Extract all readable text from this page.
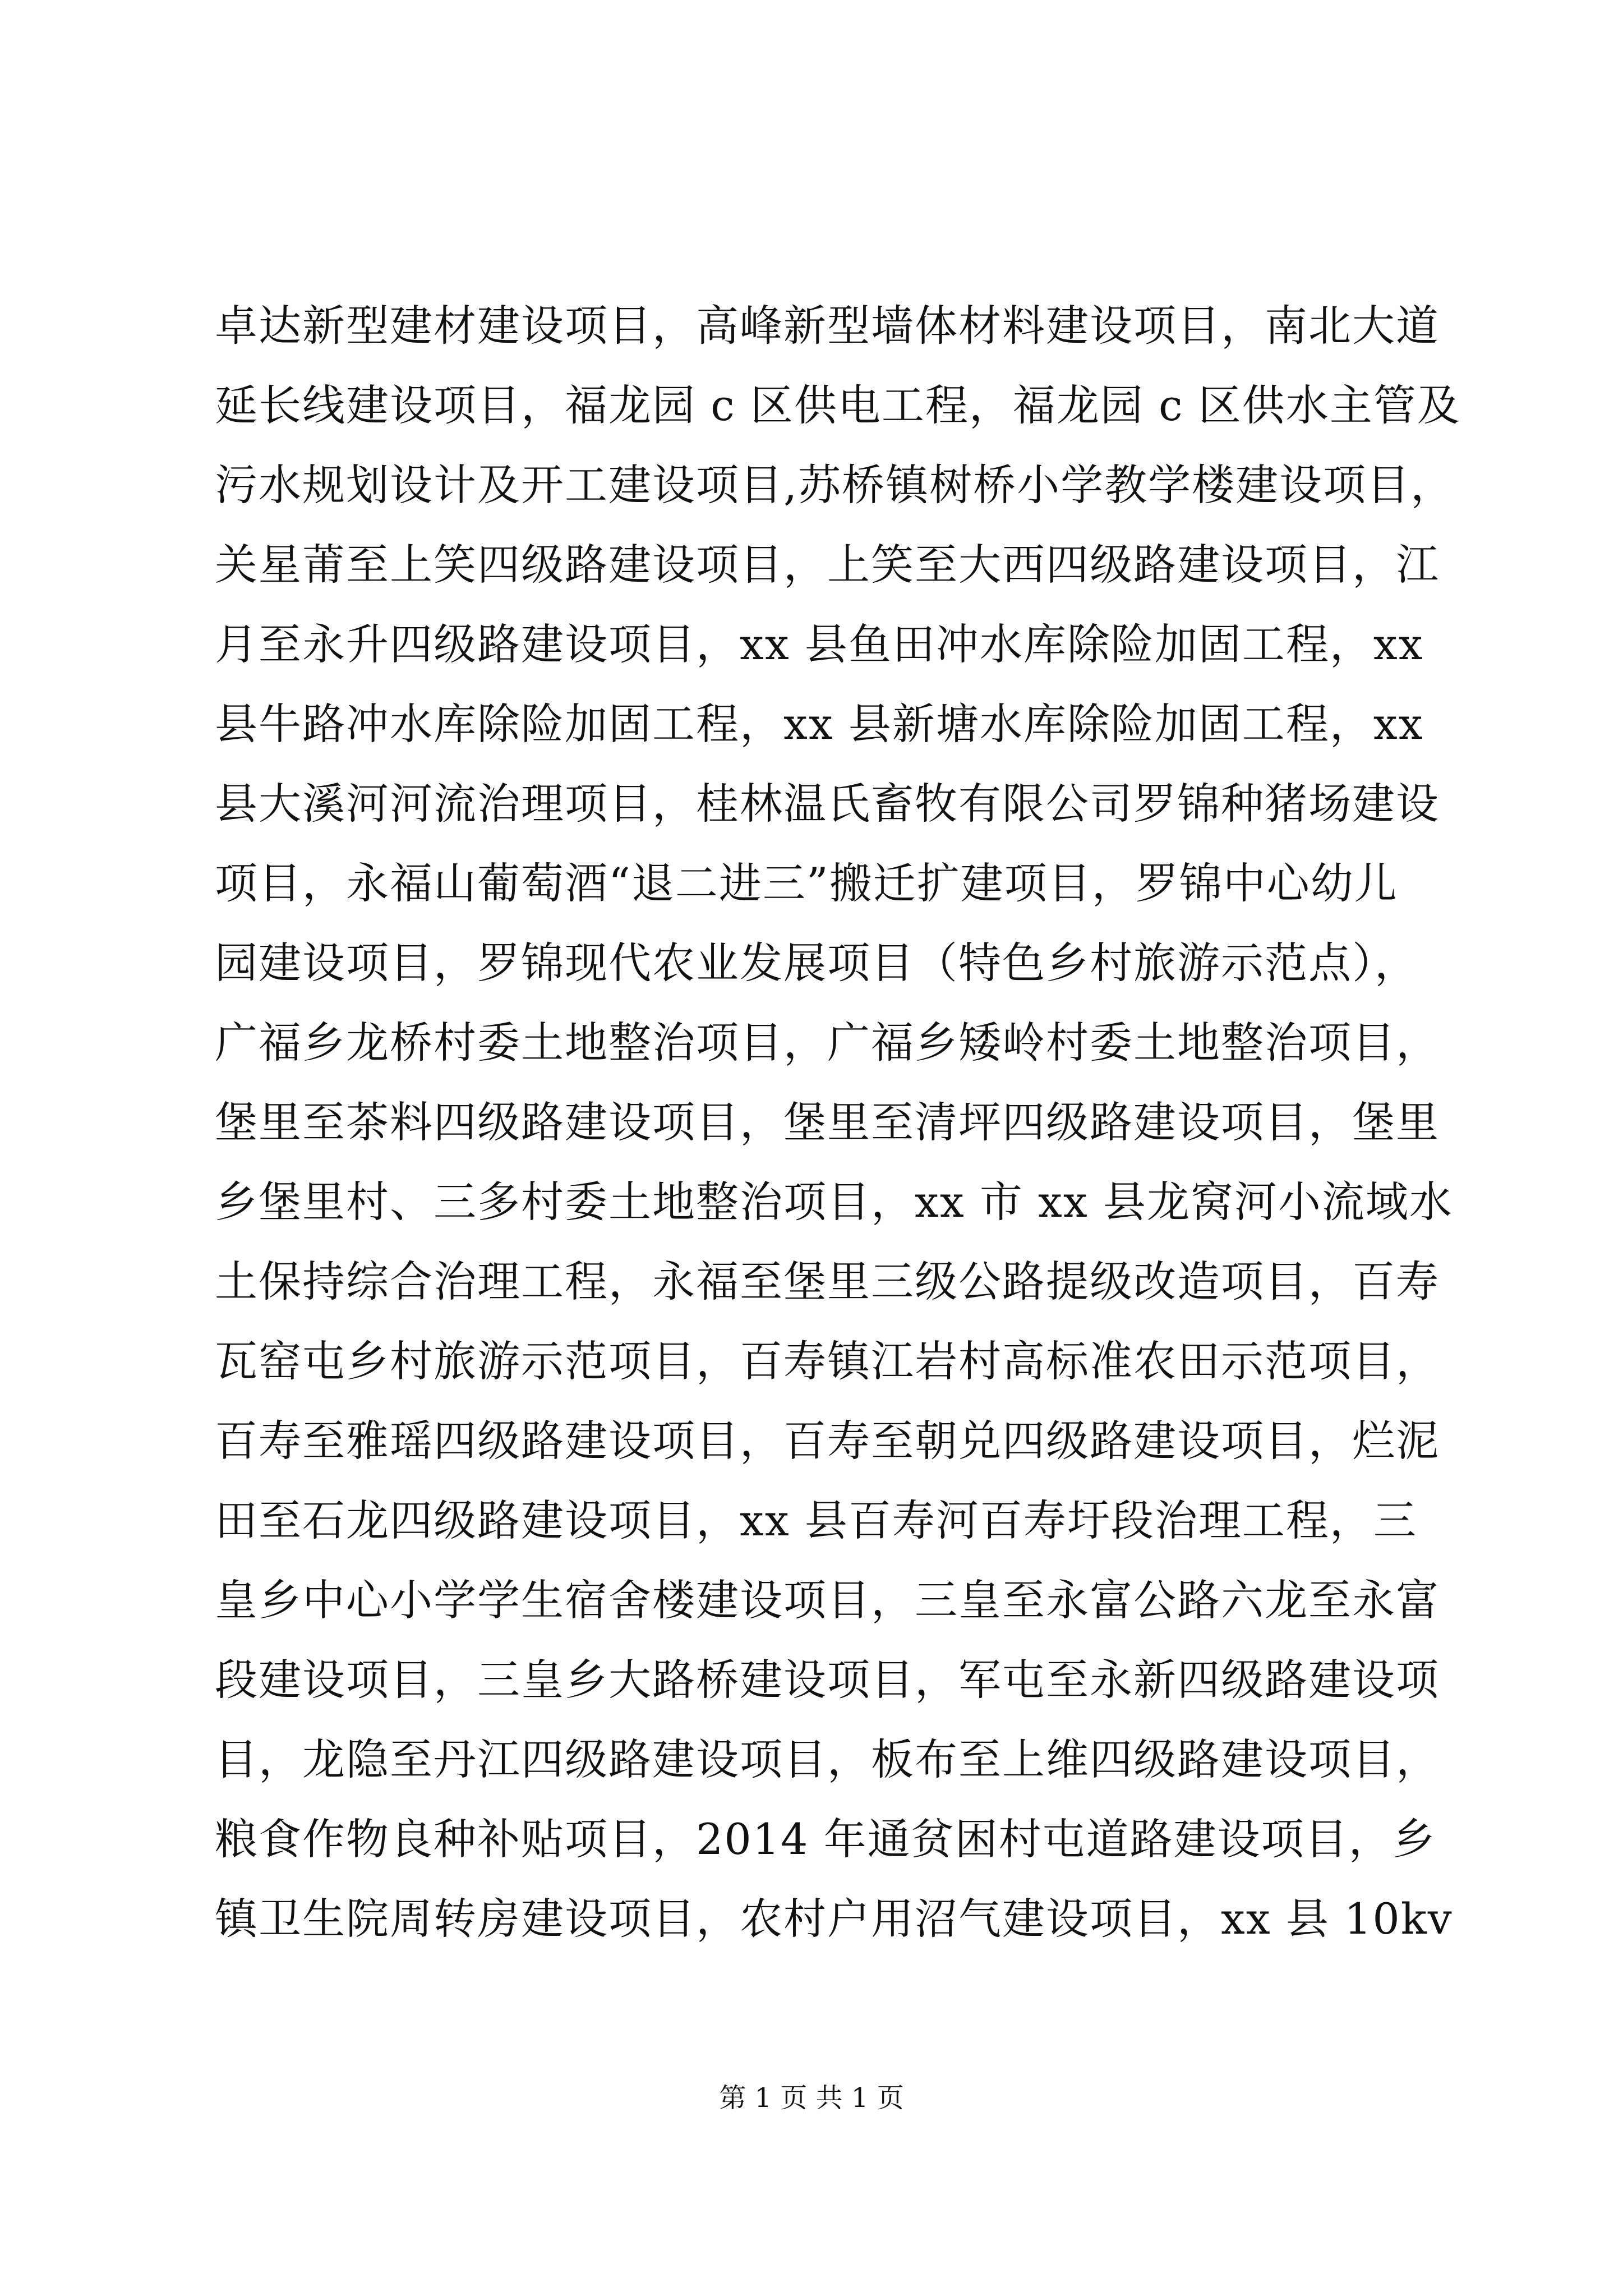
卓达新型建材建设项目，高峰新型墙体材料建设项目，南北大道
延长线建设项目，福龙园 c 区供电工程，福龙园 c 区供水主管及
污水规划设计及开工建设项目,苏桥镇树桥小学教学楼建设项目，
关星莆至上笑四级路建设项目，上笑至大西四级路建设项目，江
月至永升四级路建设项目，xx 县鱼田冲水库除险加固工程，xx
县牛路冲水库除险加固工程，xx 县新塘水库除险加固工程，xx
县大溪河河流治理项目，桂林温氏畜牧有限公司罗锦种猪场建设
项目，永福山葡萄酒“退二进三”搬迁扩建项目，罗锦中心幼儿
园建设项目，罗锦现代农业发展项目（特色乡村旅游示范点），
广福乡龙桥村委土地整治项目，广福乡矮岭村委土地整治项目，
堡里至茶料四级路建设项目，堡里至清坪四级路建设项目，堡里
乡堡里村、三多村委土地整治项目，xx 市 xx 县龙窝河小流域水
土保持综合治理工程，永福至堡里三级公路提级改造项目，百寿
瓦窑屯乡村旅游示范项目，百寿镇江岩村高标准农田示范项目，
百寿至雅瑶四级路建设项目，百寿至朝兑四级路建设项目，烂泥
田至石龙四级路建设项目，xx 县百寿河百寿圩段治理工程，三
皇乡中心小学学生宿舍楼建设项目，三皇至永富公路六龙至永富
段建设项目，三皇乡大路桥建设项目，军屯至永新四级路建设项
目，龙隐至丹江四级路建设项目，板布至上维四级路建设项目，
粮食作物良种补贴项目，2014 年通贫困村屯道路建设项目，乡
镇卫生院周转房建设项目，农村户用沼气建设项目，xx 县 10kv
第 1 页 共 1 页
